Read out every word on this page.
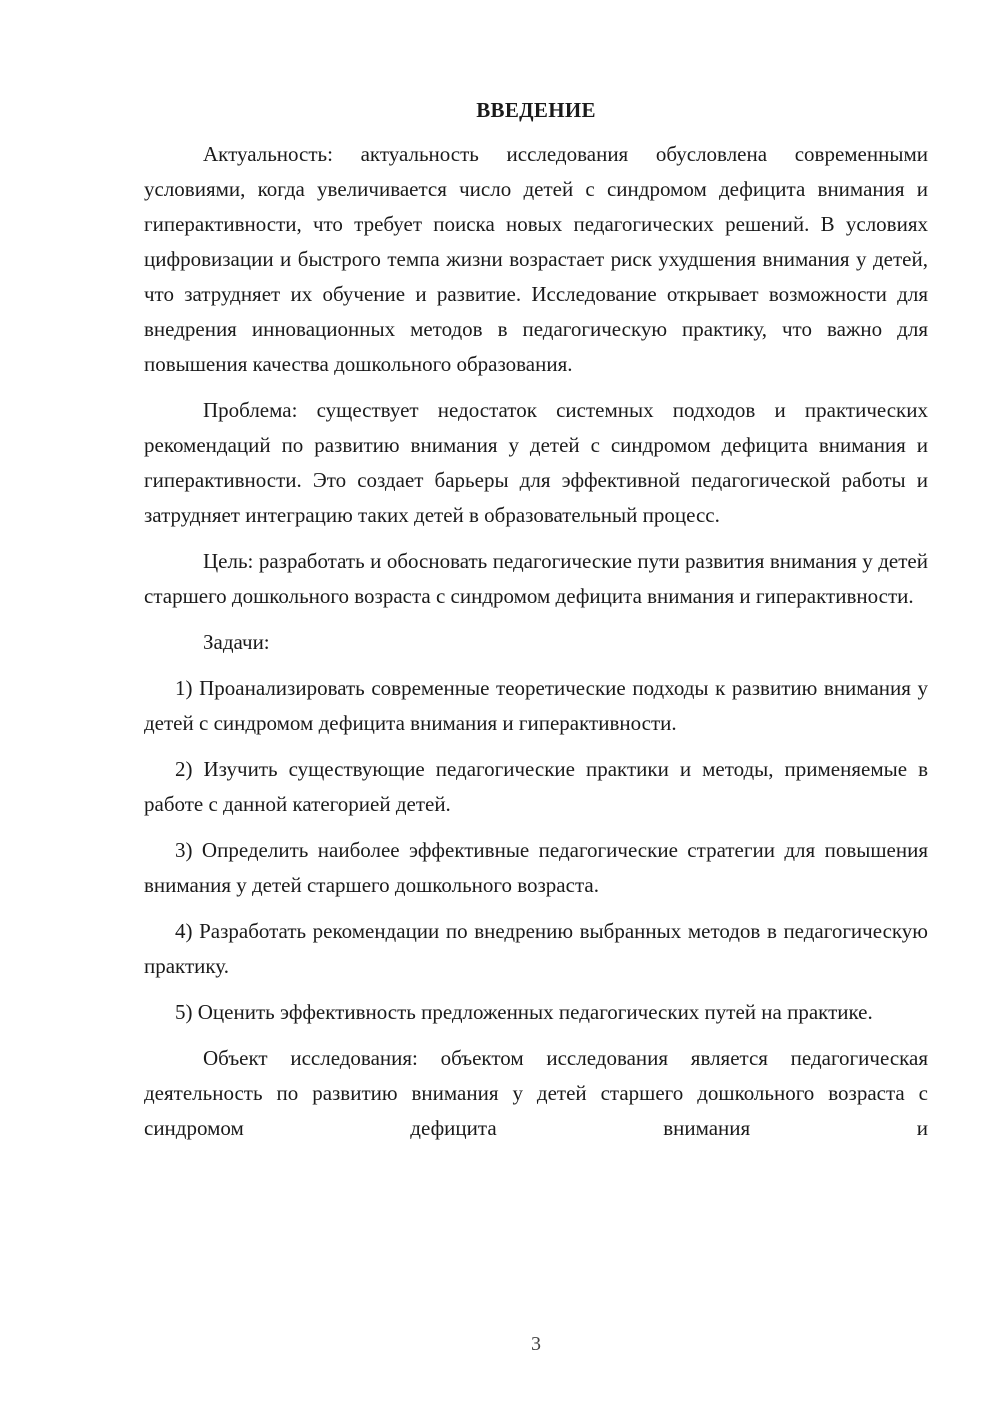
ВВЕДЕНИЕ

Актуальность: актуальность исследования обусловлена современными условиями, когда увеличивается число детей с синдромом дефицита внимания и гиперактивности, что требует поиска новых педагогических решений. В условиях цифровизации и быстрого темпа жизни возрастает риск ухудшения внимания у детей, что затрудняет их обучение и развитие. Исследование открывает возможности для внедрения инновационных методов в педагогическую практику, что важно для повышения качества дошкольного образования.

Проблема: существует недостаток системных подходов и практических рекомендаций по развитию внимания у детей с синдромом дефицита внимания и гиперактивности. Это создает барьеры для эффективной педагогической работы и затрудняет интеграцию таких детей в образовательный процесс.

Цель: разработать и обосновать педагогические пути развития внимания у детей старшего дошкольного возраста с синдромом дефицита внимания и гиперактивности.

Задачи:

1) Проанализировать современные теоретические подходы к развитию внимания у детей с синдромом дефицита внимания и гиперактивности.

2) Изучить существующие педагогические практики и методы, применяемые в работе с данной категорией детей.

3) Определить наиболее эффективные педагогические стратегии для повышения внимания у детей старшего дошкольного возраста.

4) Разработать рекомендации по внедрению выбранных методов в педагогическую практику.

5) Оценить эффективность предложенных педагогических путей на практике.

Объект исследования: объектом исследования является педагогическая деятельность по развитию внимания у детей старшего дошкольного возраста с синдромом дефицита внимания и

3
